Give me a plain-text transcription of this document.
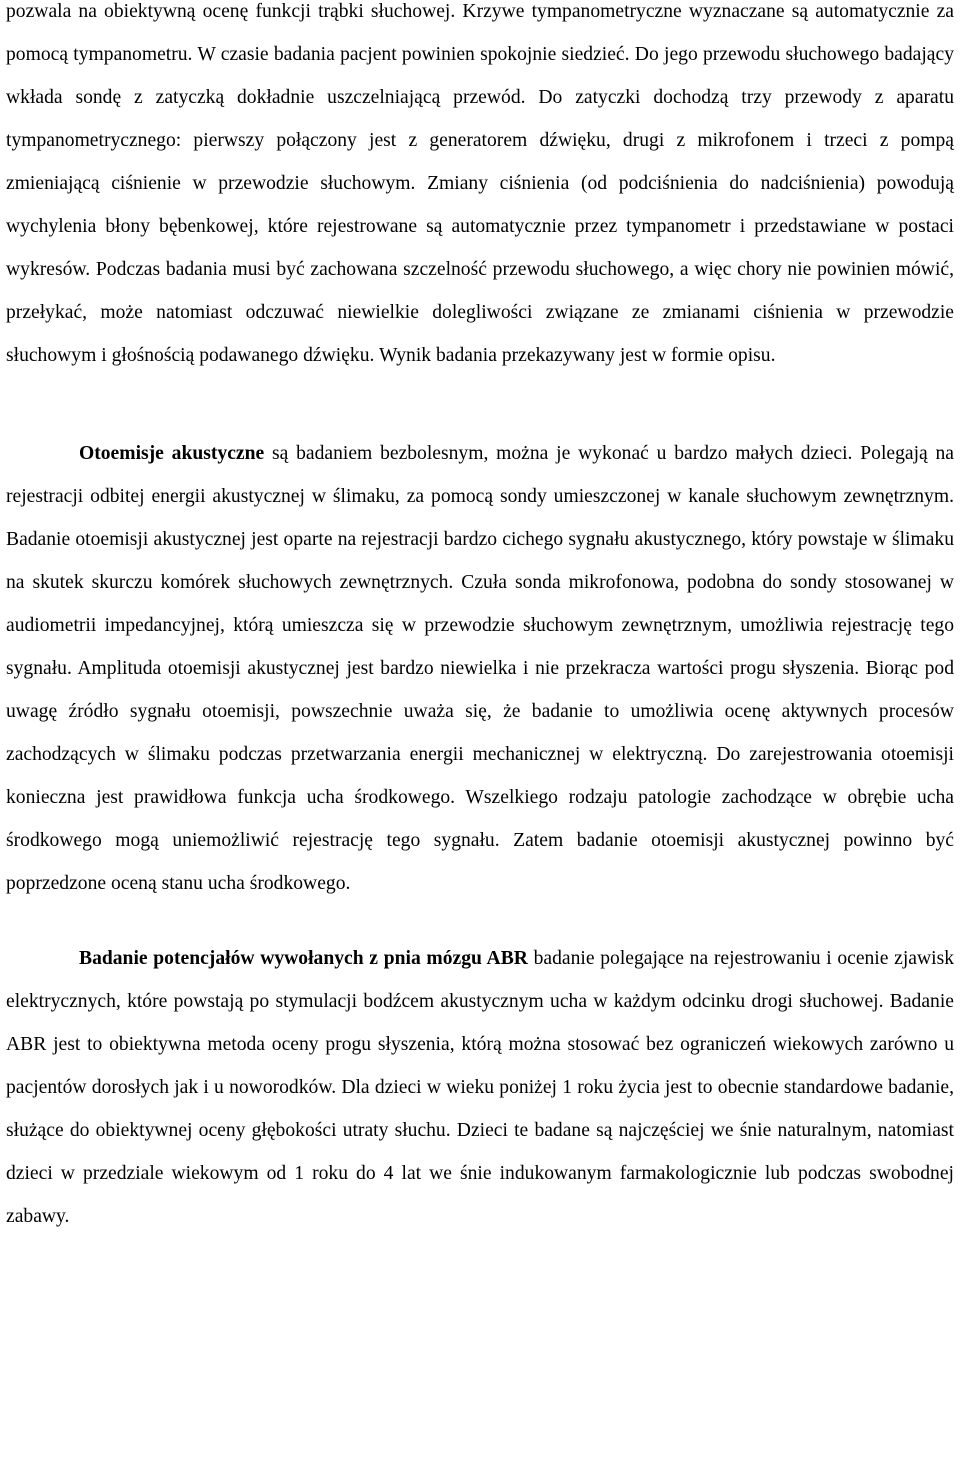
pozwala na obiektywną ocenę funkcji trąbki słuchowej. Krzywe tympanometryczne wyznaczane są automatycznie za pomocą tympanometru. W czasie badania pacjent powinien spokojnie siedzieć. Do jego przewodu słuchowego badający wkłada sondę z zatyczką dokładnie uszczelniającą przewód. Do zatyczki dochodzą trzy przewody z aparatu tympanometrycznego: pierwszy połączony jest z generatorem dźwięku, drugi z mikrofonem i trzeci z pompą zmieniającą ciśnienie w przewodzie słuchowym. Zmiany ciśnienia (od podciśnienia do nadciśnienia) powodują wychylenia błony bębenkowej, które rejestrowane są automatycznie przez tympanometr i przedstawiane w postaci wykresów. Podczas badania musi być zachowana szczelność przewodu słuchowego, a więc chory nie powinien mówić, przełykać, może natomiast odczuwać niewielkie dolegliwości związane ze zmianami ciśnienia w przewodzie słuchowym i głośnością podawanego dźwięku. Wynik badania przekazywany jest w formie opisu.

Otoemisje akustyczne są badaniem bezbolesnym, można je wykonać u bardzo małych dzieci. Polegają na rejestracji odbitej energii akustycznej w ślimaku, za pomocą sondy umieszczonej w kanale słuchowym zewnętrznym. Badanie otoemisji akustycznej jest oparte na rejestracji bardzo cichego sygnału akustycznego, który powstaje w ślimaku na skutek skurczu komórek słuchowych zewnętrznych. Czuła sonda mikrofonowa, podobna do sondy stosowanej w audiometrii impedancyjnej, którą umieszcza się w przewodzie słuchowym zewnętrznym, umożliwia rejestrację tego sygnału. Amplituda otoemisji akustycznej jest bardzo niewielka i nie przekracza wartości progu słyszenia. Biorąc pod uwagę źródło sygnału otoemisji, powszechnie uważa się, że badanie to umożliwia ocenę aktywnych procesów zachodzących w ślimaku podczas przetwarzania energii mechanicznej w elektryczną. Do zarejestrowania otoemisji konieczna jest prawidłowa funkcja ucha środkowego. Wszelkiego rodzaju patologie zachodzące w obrębie ucha środkowego mogą uniemożliwić rejestrację tego sygnału. Zatem badanie otoemisji akustycznej powinno być poprzedzone oceną stanu ucha środkowego.

Badanie potencjałów wywołanych z pnia mózgu ABR badanie polegające na rejestrowaniu i ocenie zjawisk elektrycznych, które powstają po stymulacji bodźcem akustycznym ucha w każdym odcinku drogi słuchowej. Badanie ABR jest to obiektywna metoda oceny progu słyszenia, którą można stosować bez ograniczeń wiekowych zarówno u pacjentów dorosłych jak i u noworodków. Dla dzieci w wieku poniżej 1 roku życia jest to obecnie standardowe badanie, służące do obiektywnej oceny głębokości utraty słuchu. Dzieci te badane są najczęściej we śnie naturalnym, natomiast dzieci w przedziale wiekowym od 1 roku do 4 lat we śnie indukowanym farmakologicznie lub podczas swobodnej zabawy.
